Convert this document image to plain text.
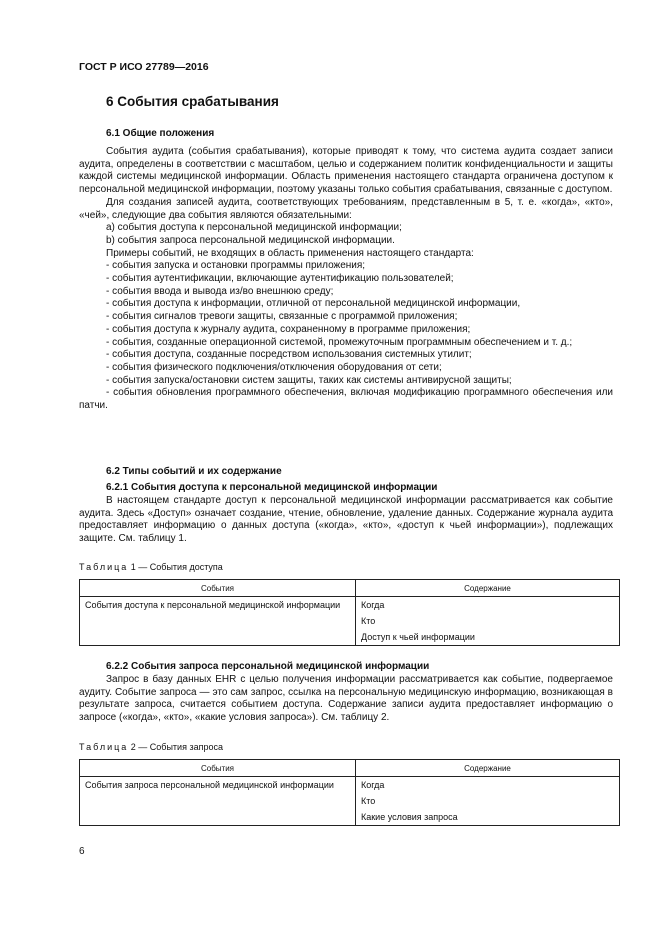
ГОСТ Р ИСО 27789—2016
6 События срабатывания
6.1 Общие положения

События аудита (события срабатывания), которые приводят к тому, что система аудита создает записи аудита, определены в соответствии с масштабом, целью и содержанием политик конфиденциальности и защиты каждой системы медицинской информации. Область применения настоящего стандарта ограничена доступом к персональной медицинской информации, поэтому указаны только события срабатывания, связанные с доступом.

Для создания записей аудита, соответствующих требованиям, представленным в 5, т. е. «когда», «кто», «чей», следующие два события являются обязательными:

а) события доступа к персональной медицинской информации;

b) события запроса персональной медицинской информации.

Примеры событий, не входящих в область применения настоящего стандарта:

- события запуска и остановки программы приложения;

- события аутентификации, включающие аутентификацию пользователей;

- события ввода и вывода из/во внешнюю среду;

- события доступа к информации, отличной от персональной медицинской информации,

- события сигналов тревоги защиты, связанные с программой приложения;

- события доступа к журналу аудита, сохраненному в программе приложения;

- события, созданные операционной системой, промежуточным программным обеспечением и т. д.;

- события доступа, созданные посредством использования системных утилит;

- события физического подключения/отключения оборудования от сети;

- события запуска/остановки систем защиты, таких как системы антивирусной защиты;

- события обновления программного обеспечения, включая модификацию программного обеспечения или патчи.

6.2 Типы событий и их содержание
6.2.1 События доступа к персональной медицинской информации

В настоящем стандарте доступ к персональной медицинской информации рассматривается как событие аудита. Здесь «Доступ» означает создание, чтение, обновление, удаление данных. Содержание журнала аудита предоставляет информацию о данных доступа («когда», «кто», «доступ к чьей информации»), подлежащих защите. См. таблицу 1.

Таблица 1 — События доступа
События	Содержание
События доступа к персональной медицинской информации	Когда
Кто
Доступ к чьей информации
6.2.2 События запроса персональной медицинской информации

Запрос в базу данных EHR с целью получения информации рассматривается как событие, подвергаемое аудиту. Событие запроса — это сам запрос, ссылка на персональную медицинскую информацию, возникающая в результате запроса, считается событием доступа. Содержание записи аудита предоставляет информацию о запросе («когда», «кто», «какие условия запроса»). См. таблицу 2.

Таблица 2 — События запроса
События	Содержание
События запроса персональной медицинской информации	Когда
Кто
Какие условия запроса
6
